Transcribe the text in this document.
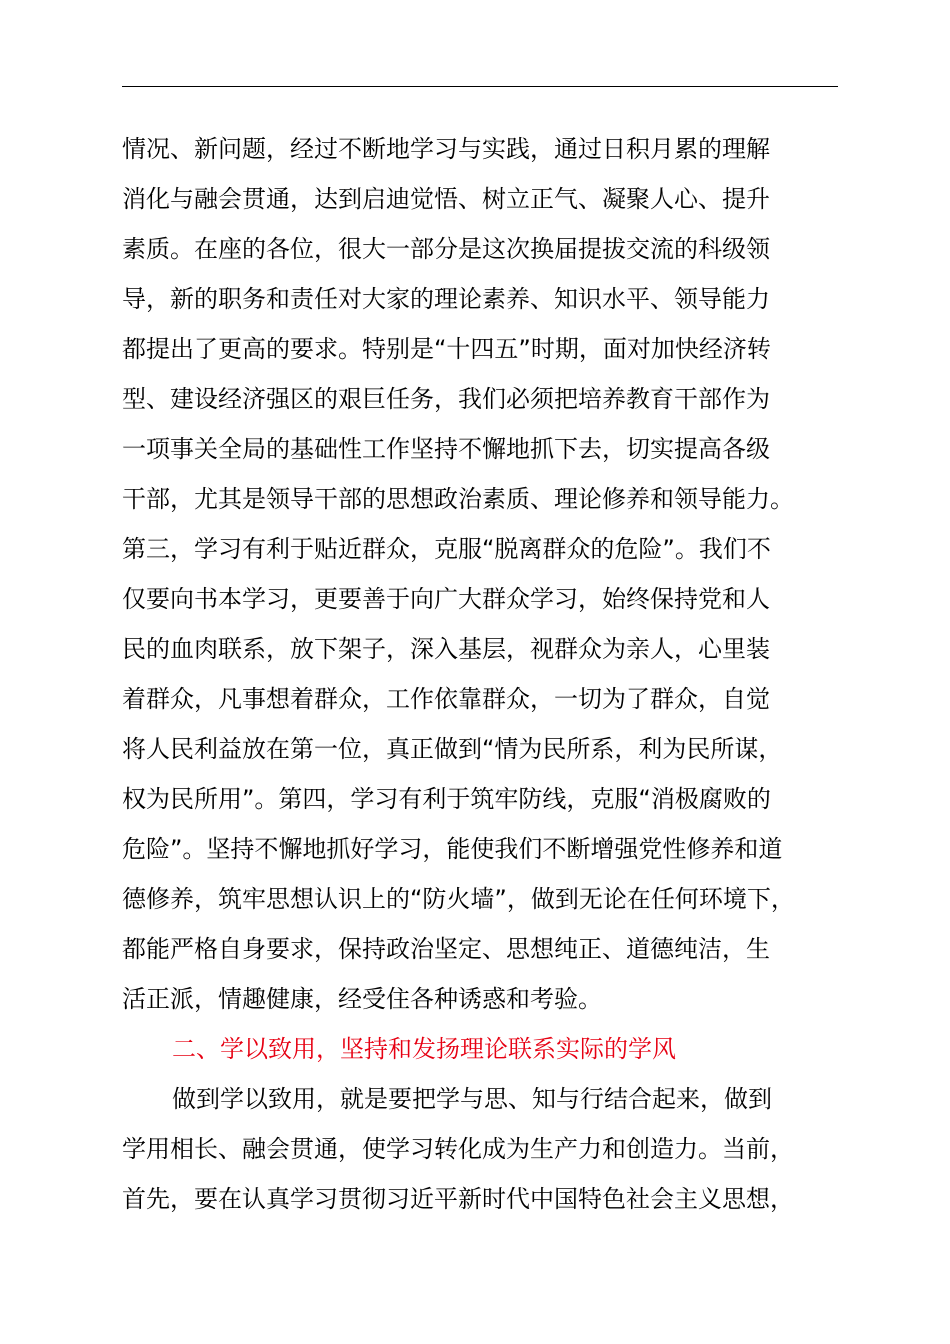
情况、新问题，经过不断地学习与实践，通过日积月累的理解
消化与融会贯通，达到启迪觉悟、树立正气、凝聚人心、提升
素质。在座的各位，很大一部分是这次换届提拔交流的科级领
导，新的职务和责任对大家的理论素养、知识水平、领导能力
都提出了更高的要求。特别是“十四五”时期，面对加快经济转
型、建设经济强区的艰巨任务，我们必须把培养教育干部作为
一项事关全局的基础性工作坚持不懈地抓下去，切实提高各级
干部，尤其是领导干部的思想政治素质、理论修养和领导能力。
第三，学习有利于贴近群众，克服“脱离群众的危险”。我们不
仅要向书本学习，更要善于向广大群众学习，始终保持党和人
民的血肉联系，放下架子，深入基层，视群众为亲人，心里装
着群众，凡事想着群众，工作依靠群众，一切为了群众，自觉
将人民利益放在第一位，真正做到“情为民所系，利为民所谋，
权为民所用”。第四，学习有利于筑牢防线，克服“消极腐败的
危险”。坚持不懈地抓好学习，能使我们不断增强党性修养和道
德修养，筑牢思想认识上的“防火墙”，做到无论在任何环境下，
都能严格自身要求，保持政治坚定、思想纯正、道德纯洁，生
活正派，情趣健康，经受住各种诱惑和考验。
二、学以致用，坚持和发扬理论联系实际的学风
做到学以致用，就是要把学与思、知与行结合起来，做到
学用相长、融会贯通，使学习转化成为生产力和创造力。当前，
首先，要在认真学习贯彻习近平新时代中国特色社会主义思想，
